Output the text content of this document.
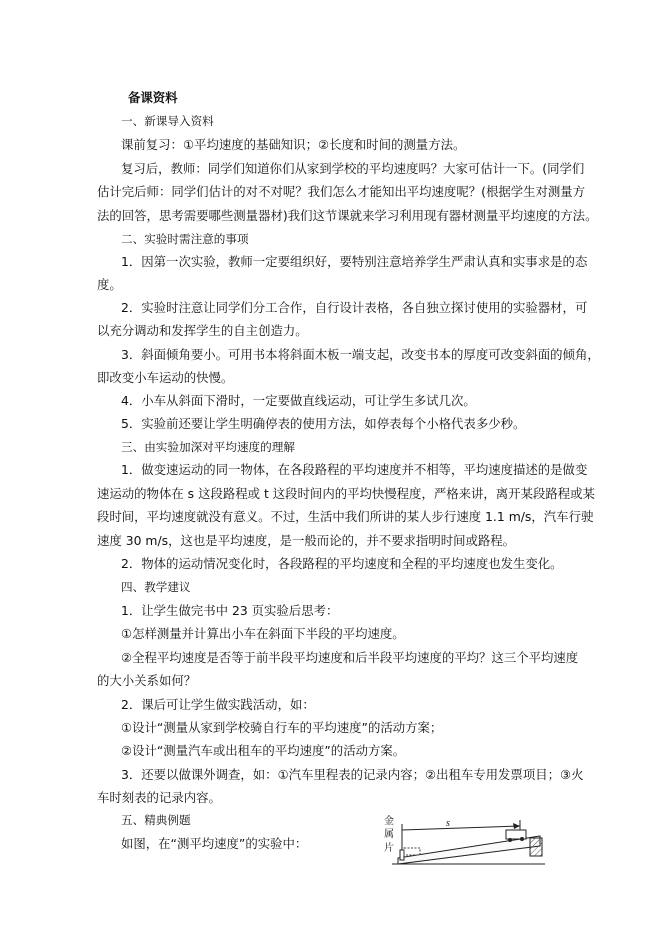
备课资料
一、新课导入资料
课前复习：①平均速度的基础知识；②长度和时间的测量方法。
复习后，教师：同学们知道你们从家到学校的平均速度吗？大家可估计一下。(同学们
估计完后师：同学们估计的对不对呢？我们怎么才能知出平均速度呢？(根据学生对测量方
法的回答，思考需要哪些测量器材)我们这节课就来学习利用现有器材测量平均速度的方法。
二、实验时需注意的事项
1．因第一次实验，教师一定要组织好，要特别注意培养学生严肃认真和实事求是的态
度。
2．实验时注意让同学们分工合作，自行设计表格，各自独立探讨使用的实验器材，可
以充分调动和发挥学生的自主创造力。
3．斜面倾角要小。可用书本将斜面木板一端支起，改变书本的厚度可改变斜面的倾角，
即改变小车运动的快慢。
4．小车从斜面下滑时，一定要做直线运动，可让学生多试几次。
5．实验前还要让学生明确停表的使用方法，如停表每个小格代表多少秒。
三、由实验加深对平均速度的理解
1．做变速运动的同一物体，在各段路程的平均速度并不相等，平均速度描述的是做变
速运动的物体在 s 这段路程或 t 这段时间内的平均快慢程度，严格来讲，离开某段路程或某
段时间，平均速度就没有意义。不过，生活中我们所讲的某人步行速度 1.1 m/s，汽车行驶
速度 30 m/s，这也是平均速度，是一般而论的，并不要求指明时间或路程。
2．物体的运动情况变化时，各段路程的平均速度和全程的平均速度也发生变化。
四、教学建议
1．让学生做完书中 23 页实验后思考：
①怎样测量并计算出小车在斜面下半段的平均速度。
②全程平均速度是否等于前半段平均速度和后半段平均速度的平均？这三个平均速度
的大小关系如何？
2．课后可让学生做实践活动，如：
①设计“测量从家到学校骑自行车的平均速度”的活动方案；
②设计“测量汽车或出租车的平均速度”的活动方案。
3．还要以做课外调查，如：①汽车里程表的记录内容；②出租车专用发票项目；③火
车时刻表的记录内容。
五、精典例题
如图，在“测平均速度”的实验中：
金
属
片
s
